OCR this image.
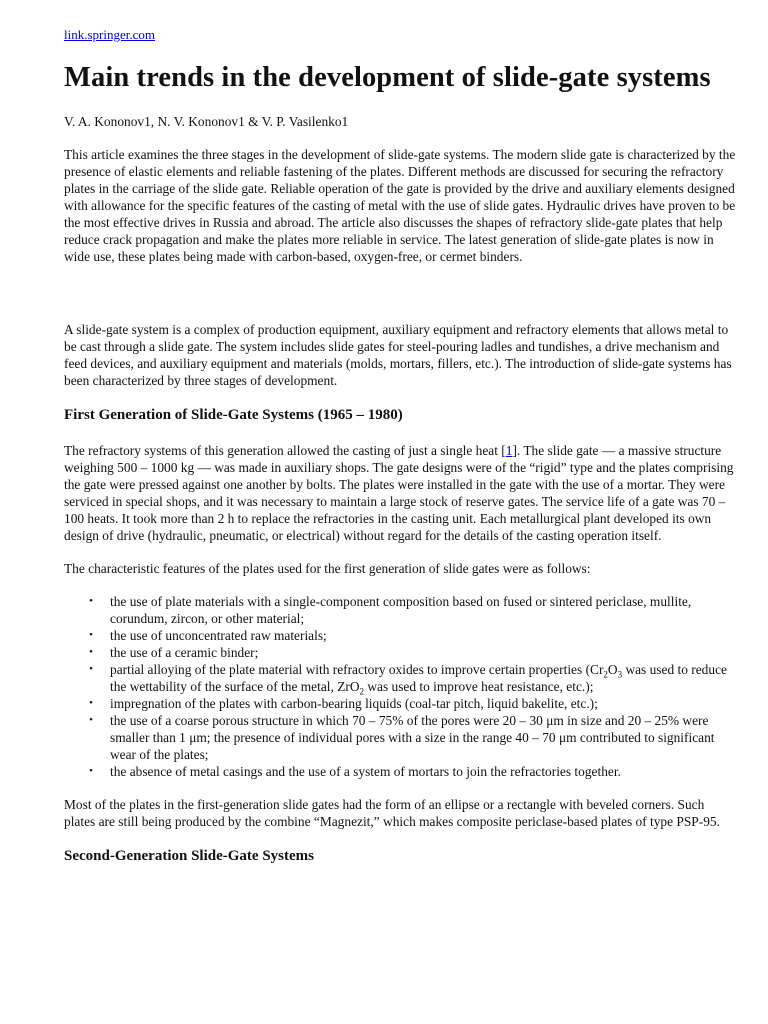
link.springer.com
Main trends in the development of slide-gate systems
V. A. Kononov1, N. V. Kononov1 & V. P. Vasilenko1

This article examines the three stages in the development of slide-gate systems. The modern slide gate is characterized by the presence of elastic elements and reliable fastening of the plates. Different methods are discussed for securing the refractory plates in the carriage of the slide gate. Reliable operation of the gate is provided by the drive and auxiliary elements designed with allowance for the specific features of the casting of metal with the use of slide gates. Hydraulic drives have proven to be the most effective drives in Russia and abroad. The article also discusses the shapes of refractory slide-gate plates that help reduce crack propagation and make the plates more reliable in service. The latest generation of slide-gate plates is now in wide use, these plates being made with carbon-based, oxygen-free, or cermet binders.

A slide-gate system is a complex of production equipment, auxiliary equipment and refractory elements that allows metal to be cast through a slide gate. The system includes slide gates for steel-pouring ladles and tundishes, a drive mechanism and feed devices, and auxiliary equipment and materials (molds, mortars, fillers, etc.). The introduction of slide-gate systems has been characterized by three stages of development.

First Generation of Slide-Gate Systems (1965 – 1980)

The refractory systems of this generation allowed the casting of just a single heat [1]. The slide gate — a massive structure weighing 500 – 1000 kg — was made in auxiliary shops. The gate designs were of the “rigid” type and the plates comprising the gate were pressed against one another by bolts. The plates were installed in the gate with the use of a mortar. They were serviced in special shops, and it was necessary to maintain a large stock of reserve gates. The service life of a gate was 70 – 100 heats. It took more than 2 h to replace the refractories in the casting unit. Each metallurgical plant developed its own design of drive (hydraulic, pneumatic, or electrical) without regard for the details of the casting operation itself.

The characteristic features of the plates used for the first generation of slide gates were as follows:

• the use of plate materials with a single-component composition based on fused or sintered periclase, mullite, corundum, zircon, or other material;
• the use of unconcentrated raw materials;
• the use of a ceramic binder;
• partial alloying of the plate material with refractory oxides to improve certain properties ($Cr_2O_3$ was used to reduce the wettability of the surface of the metal, ZrO$_2$ was used to improve heat resistance, etc.);
• impregnation of the plates with carbon-bearing liquids (coal-tar pitch, liquid bakelite, etc.);
• the use of a coarse porous structure in which 70 – 75% of the pores were 20 – 30 μm in size and 20 – 25% were smaller than 1 μm; the presence of individual pores with a size in the range 40 – 70 μm contributed to significant wear of the plates;
• the absence of metal casings and the use of a system of mortars to join the refractories together.

Most of the plates in the first-generation slide gates had the form of an ellipse or a rectangle with beveled corners. Such plates are still being produced by the combine “Magnezit,” which makes composite periclase-based plates of type PSP-95.

Second-Generation Slide-Gate Systems
